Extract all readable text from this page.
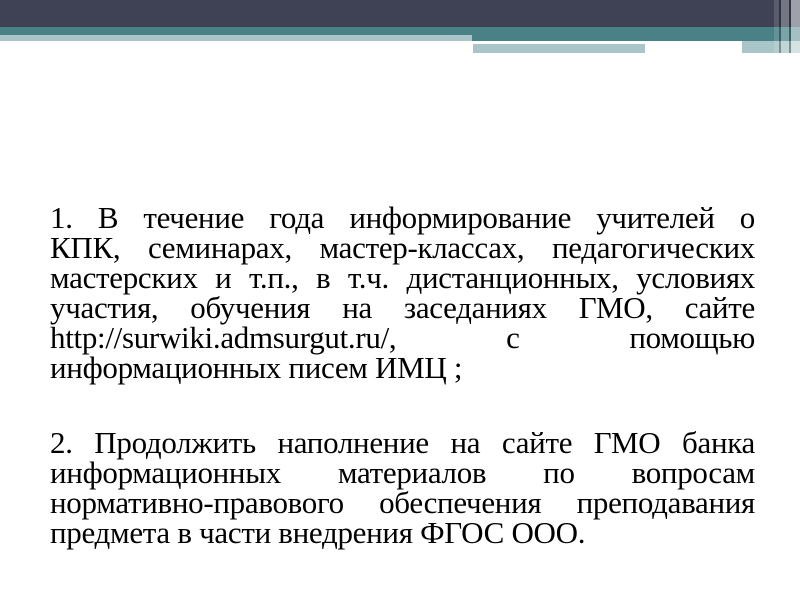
1. В течение года информирование учителей о
КПК, семинарах, мастер-классах, педагогических
мастерских и т.п., в т.ч. дистанционных, условиях
участия, обучения на заседаниях ГМО, сайте
http://surwiki.admsurgut.ru/, с помощью
информационных писем ИМЦ ;
2. Продолжить наполнение на сайте ГМО банка
информационных материалов по вопросам
нормативно-правового обеспечения преподавания
предмета в части внедрения ФГОС ООО.
